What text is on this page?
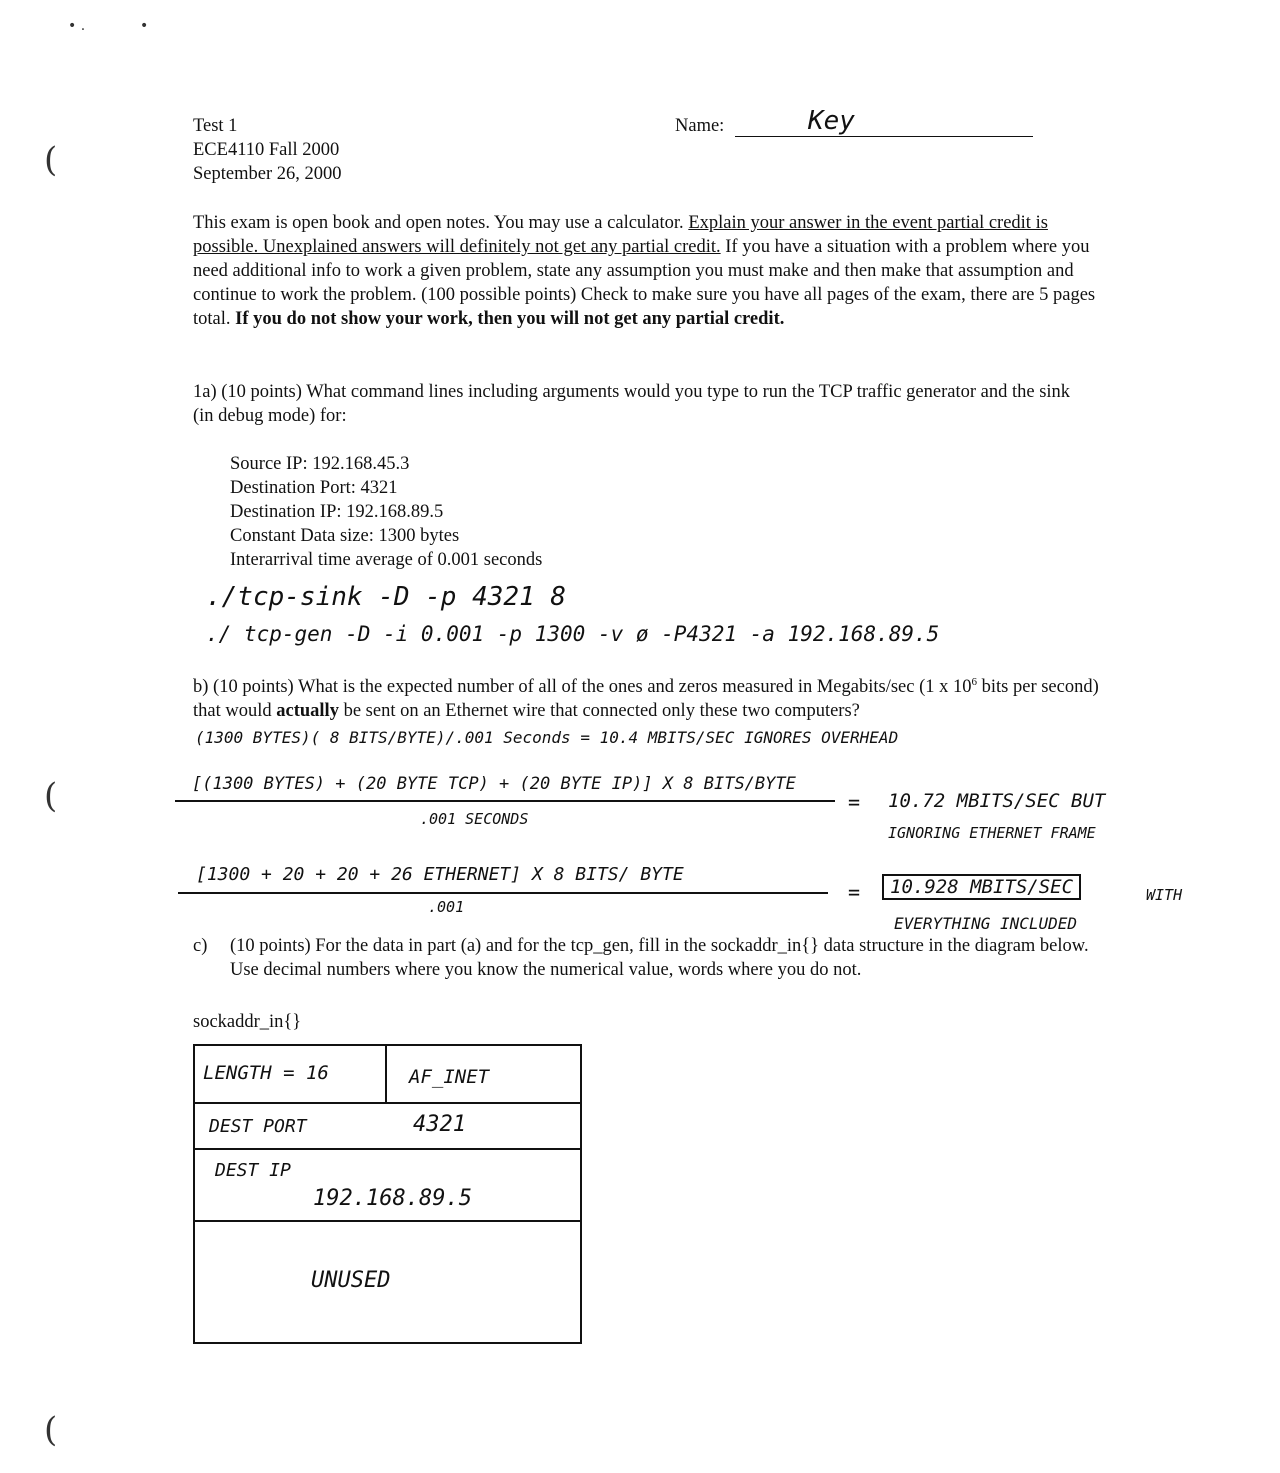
• .	•
(
(
(
Test 1
ECE4110 Fall 2000
September 26, 2000
Name:	Key
This exam is open book and open notes. You may use a calculator. Explain your answer in the event partial credit is possible. Unexplained answers will definitely not get any partial credit. If you have a situation with a problem where you need additional info to work a given problem, state any assumption you must make and then make that assumption and continue to work the problem. (100 possible points) Check to make sure you have all pages of the exam, there are 5 pages total. If you do not show your work, then you will not get any partial credit.
1a) (10 points) What command lines including arguments would you type to run the TCP traffic generator and the sink (in debug mode) for:
Source IP: 192.168.45.3
Destination Port: 4321
Destination IP: 192.168.89.5
Constant Data size: 1300 bytes
Interarrival time average of 0.001 seconds
./tcp-sink -D -p 4321 8
./ tcp-gen -D -i 0.001 -p 1300 -v ø -P4321 -a 192.168.89.5
b) (10 points) What is the expected number of all of the ones and zeros measured in Megabits/sec (1 x $10^6$ bits per second) that would actually be sent on an Ethernet wire that connected only these two computers?
(1300 BYTES)( 8 BITS/BYTE)/.001 Seconds = 10.4 MBITS/SEC IGNORES OVERHEAD
[(1300 BYTES) + (20 BYTE TCP) + (20 BYTE IP)] X 8 BITS/BYTE
.001 SECONDS
= 10.72 MBITS/SEC BUT
IGNORING ETHERNET FRAME
[1300 + 20 + 20 + 26 ETHERNET] X 8 BITS/ BYTE
.001
=	10.928 MBITS/SEC	WITH
EVERYTHING INCLUDED
c) (10 points) For the data in part (a) and for the tcp_gen, fill in the sockaddr_in{} data structure in the diagram below. Use decimal numbers where you know the numerical value, words where you do not.
sockaddr_in{}
LENGTH = 16	AF_INET
DEST PORT	4321
DEST IP
192.168.89.5
UNUSED
